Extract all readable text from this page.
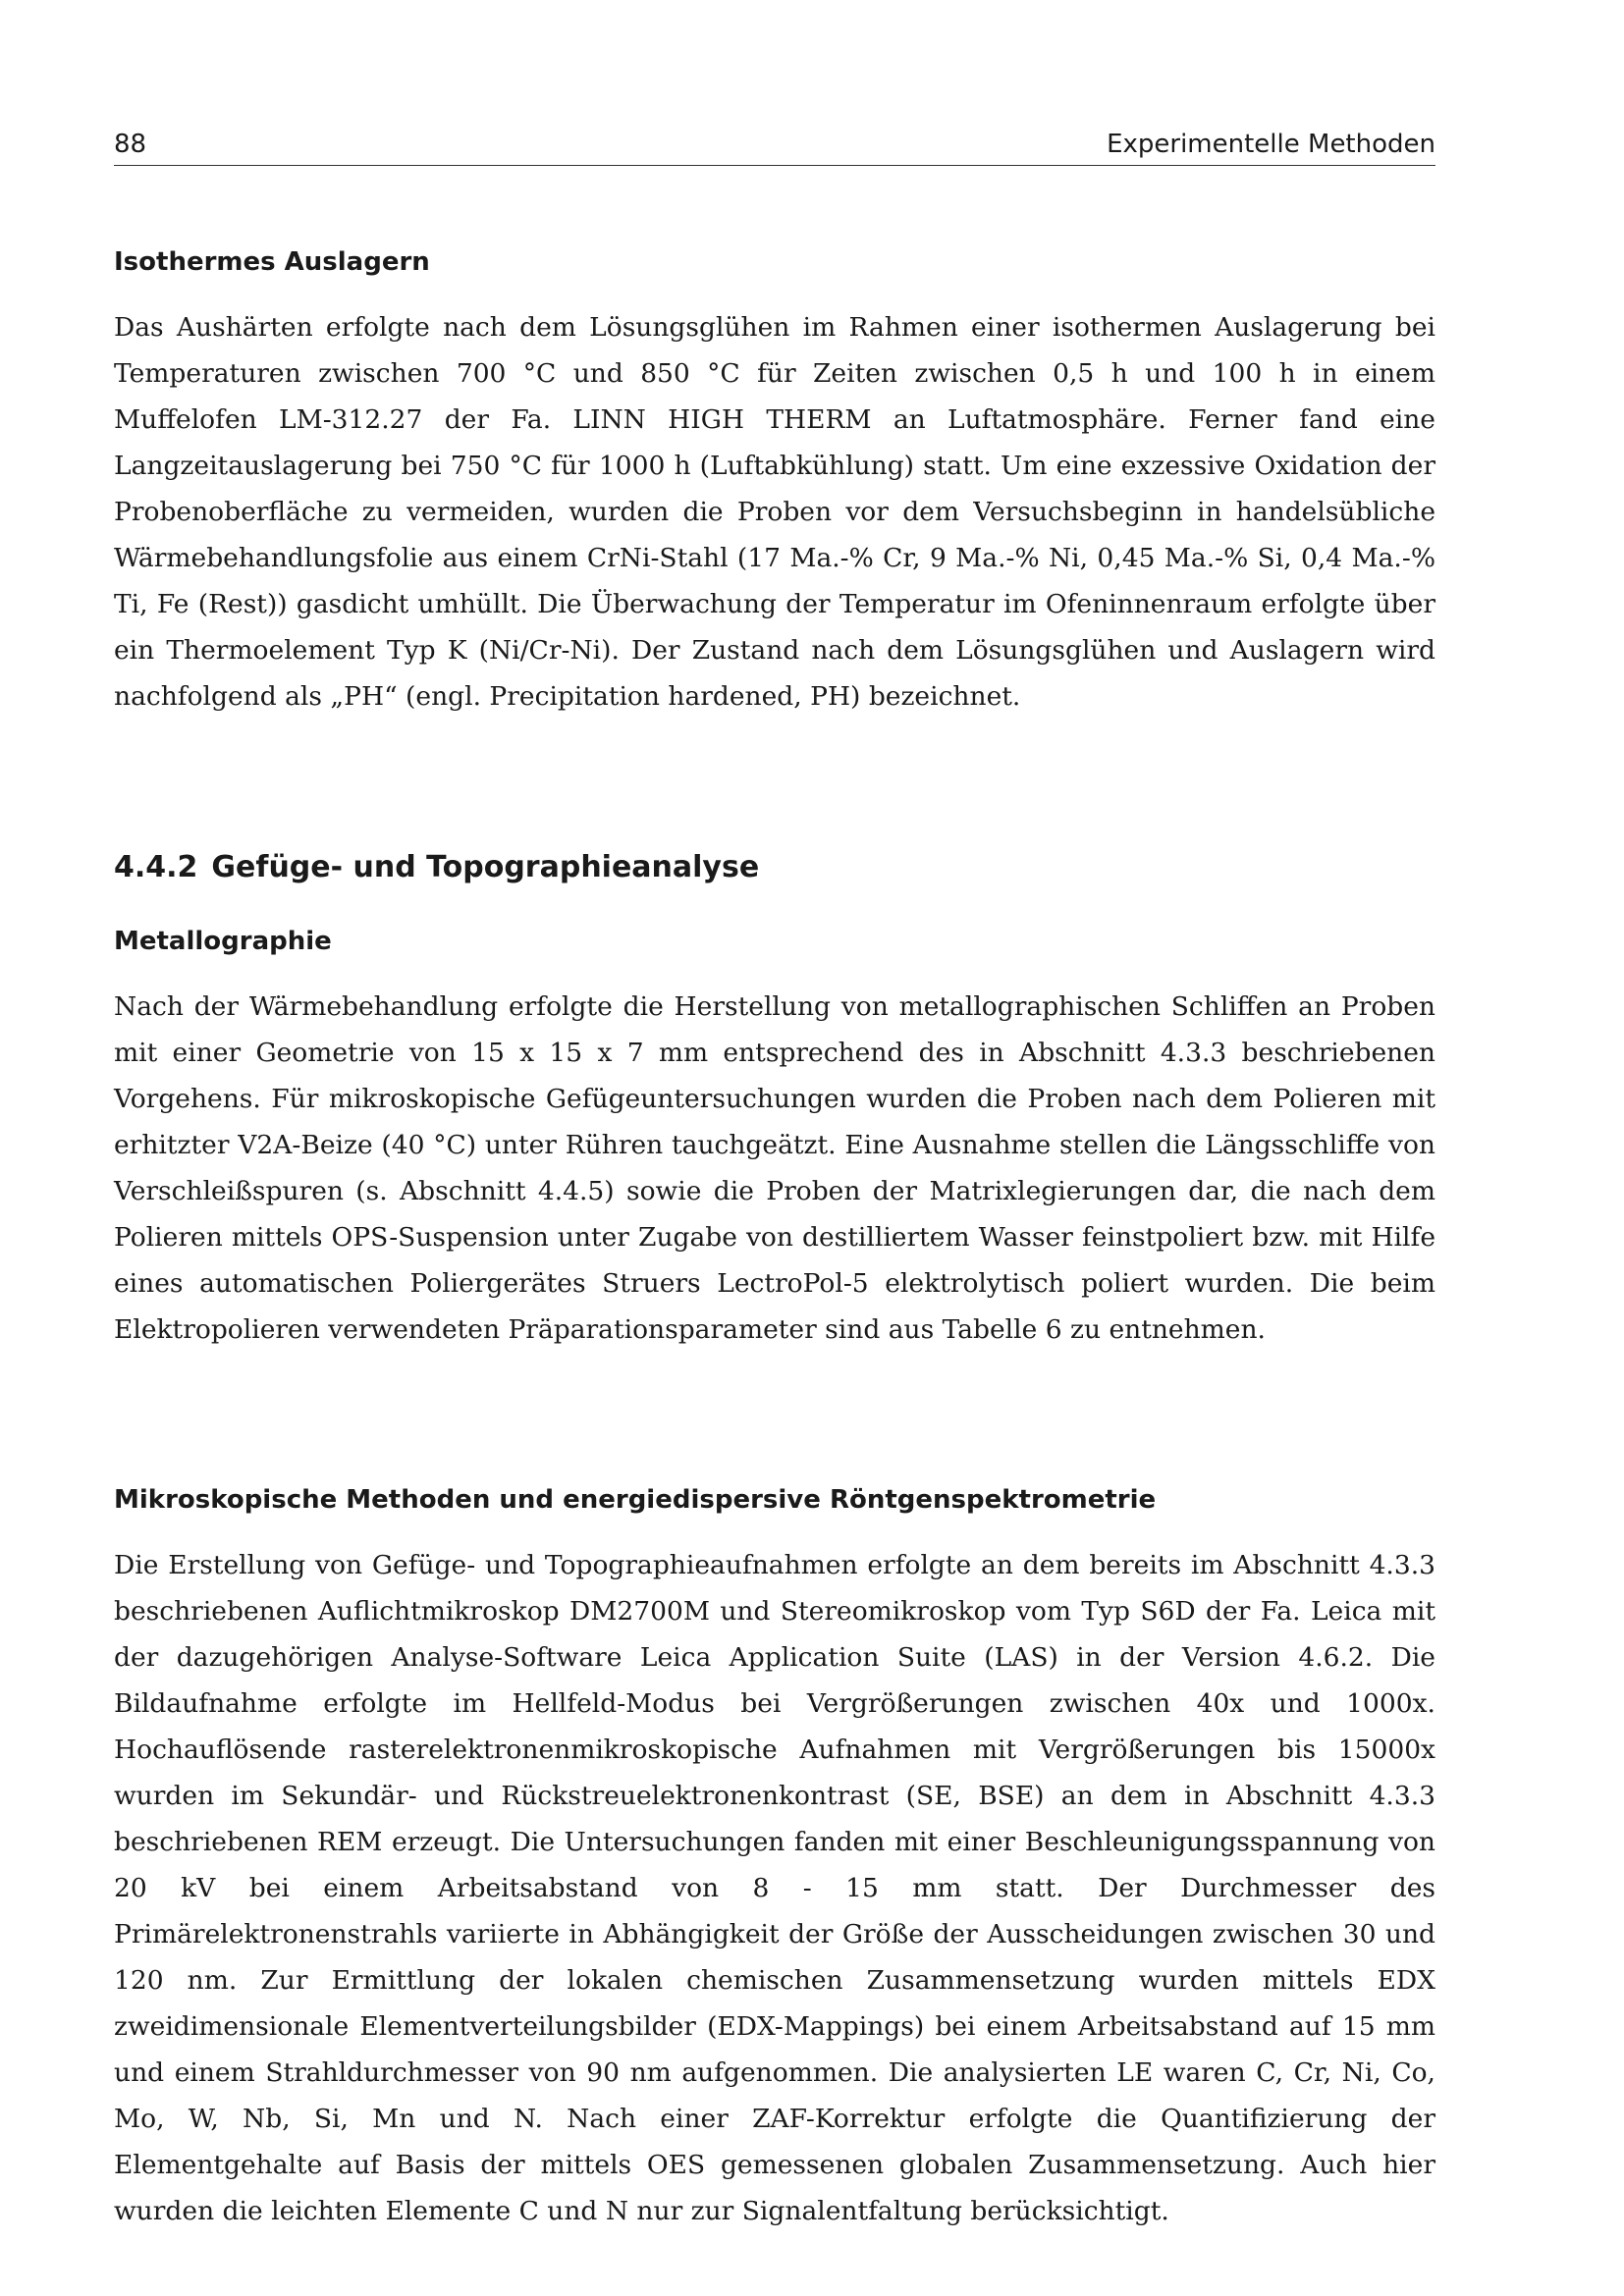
88	Experimentelle Methoden
Isothermes Auslagern

Das Aushärten erfolgte nach dem Lösungsglühen im Rahmen einer isothermen Auslagerung bei Temperaturen zwischen 700 °C und 850 °C für Zeiten zwischen 0,5 h und 100 h in einem Muffelofen LM-312.27 der Fa. LINN HIGH THERM an Luftatmosphäre. Ferner fand eine Langzeitauslagerung bei 750 °C für 1000 h (Luftabkühlung) statt. Um eine exzessive Oxidation der Probenoberfläche zu vermeiden, wurden die Proben vor dem Versuchsbeginn in handelsübliche Wärmebehandlungsfolie aus einem CrNi-Stahl (17 Ma.-% Cr, 9 Ma.-% Ni, 0,45 Ma.-% Si, 0,4 Ma.-% Ti, Fe (Rest)) gasdicht umhüllt. Die Überwachung der Temperatur im Ofeninnenraum erfolgte über ein Thermoelement Typ K (Ni/Cr-Ni). Der Zustand nach dem Lösungsglühen und Auslagern wird nachfolgend als „PH“ (engl. Precipitation hardened, PH) bezeichnet.

4.4.2 Gefüge- und Topographieanalyse
Metallographie

Nach der Wärmebehandlung erfolgte die Herstellung von metallographischen Schliffen an Proben mit einer Geometrie von 15 x 15 x 7 mm entsprechend des in Abschnitt 4.3.3 beschriebenen Vorgehens. Für mikroskopische Gefügeuntersuchungen wurden die Proben nach dem Polieren mit erhitzter V2A-Beize (40 °C) unter Rühren tauchgeätzt. Eine Ausnahme stellen die Längsschliffe von Verschleißspuren (s. Abschnitt 4.4.5) sowie die Proben der Matrixlegierungen dar, die nach dem Polieren mittels OPS-Suspension unter Zugabe von destilliertem Wasser feinstpoliert bzw. mit Hilfe eines automatischen Poliergerätes Struers LectroPol-5 elektrolytisch poliert wurden. Die beim Elektropolieren verwendeten Präparationsparameter sind aus Tabelle 6 zu entnehmen.

Mikroskopische Methoden und energiedispersive Röntgenspektrometrie

Die Erstellung von Gefüge- und Topographieaufnahmen erfolgte an dem bereits im Abschnitt 4.3.3 beschriebenen Auflichtmikroskop DM2700M und Stereomikroskop vom Typ S6D der Fa. Leica mit der dazugehörigen Analyse-Software Leica Application Suite (LAS) in der Version 4.6.2. Die Bildaufnahme erfolgte im Hellfeld-Modus bei Vergrößerungen zwischen 40x und 1000x. Hochauflösende rasterelektronenmikroskopische Aufnahmen mit Vergrößerungen bis 15000x wurden im Sekundär- und Rückstreuelektronenkontrast (SE, BSE) an dem in Abschnitt 4.3.3 beschriebenen REM erzeugt. Die Untersuchungen fanden mit einer Beschleunigungsspannung von 20 kV bei einem Arbeitsabstand von 8 - 15 mm statt. Der Durchmesser des Primärelektronenstrahls variierte in Abhängigkeit der Größe der Ausscheidungen zwischen 30 und 120 nm. Zur Ermittlung der lokalen chemischen Zusammensetzung wurden mittels EDX zweidimensionale Elementverteilungsbilder (EDX-Mappings) bei einem Arbeitsabstand auf 15 mm und einem Strahldurchmesser von 90 nm aufgenommen. Die analysierten LE waren C, Cr, Ni, Co, Mo, W, Nb, Si, Mn und N. Nach einer ZAF-Korrektur erfolgte die Quantifizierung der Elementgehalte auf Basis der mittels OES gemessenen globalen Zusammensetzung. Auch hier wurden die leichten Elemente C und N nur zur Signalentfaltung berücksichtigt.
